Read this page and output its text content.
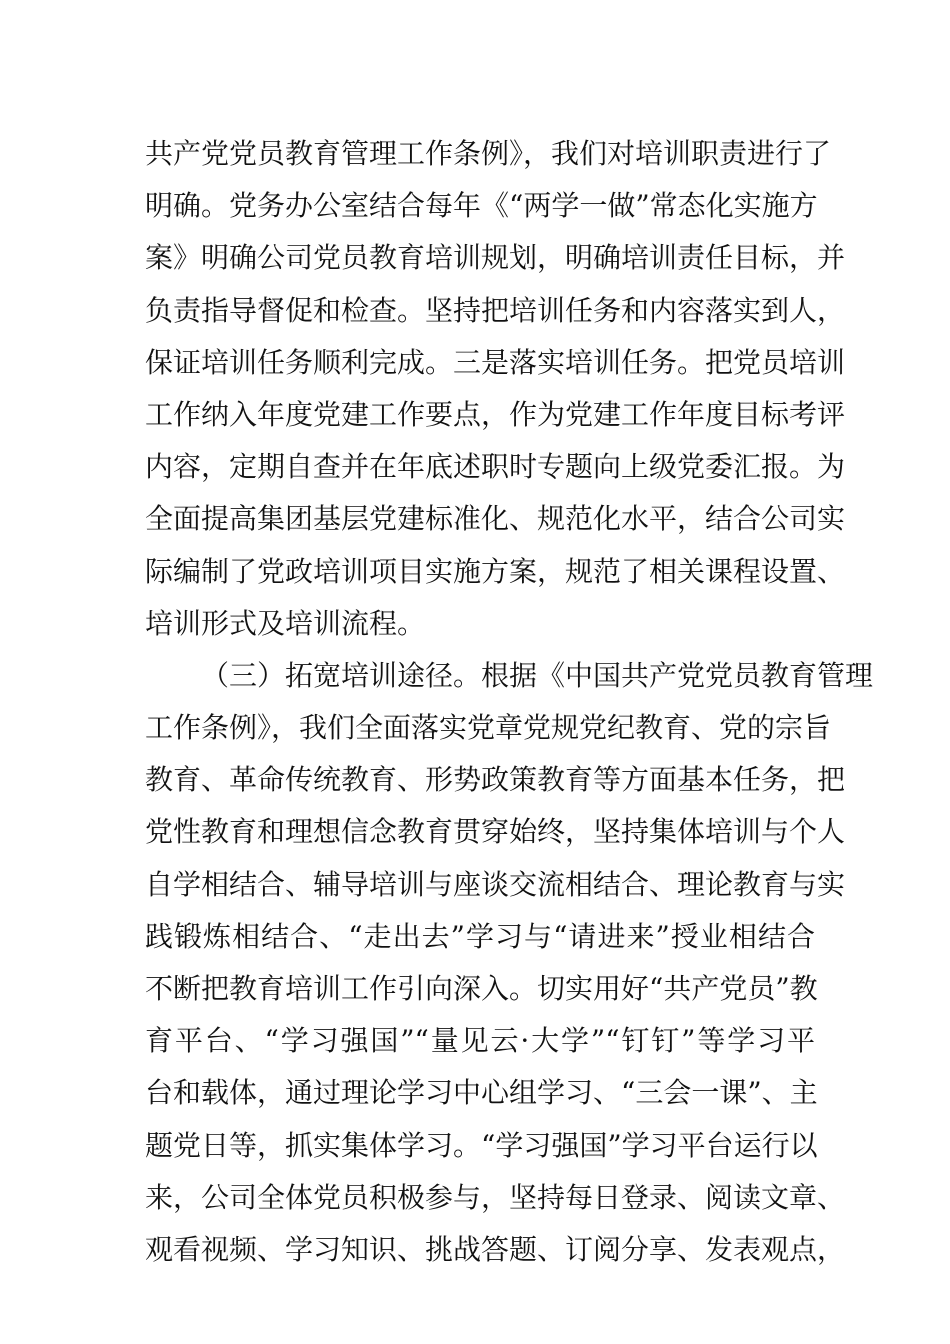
共产党党员教育管理工作条例》，我们对培训职责进行了
明确。党务办公室结合每年《“两学一做”常态化实施方
案》明确公司党员教育培训规划，明确培训责任目标，并
负责指导督促和检查。坚持把培训任务和内容落实到人，
保证培训任务顺利完成。三是落实培训任务。把党员培训
工作纳入年度党建工作要点，作为党建工作年度目标考评
内容，定期自查并在年底述职时专题向上级党委汇报。为
全面提高集团基层党建标准化、规范化水平，结合公司实
际编制了党政培训项目实施方案，规范了相关课程设置、
培训形式及培训流程。
（三）拓宽培训途径。根据《中国共产党党员教育管理
工作条例》，我们全面落实党章党规党纪教育、党的宗旨
教育、革命传统教育、形势政策教育等方面基本任务，把
党性教育和理想信念教育贯穿始终，坚持集体培训与个人
自学相结合、辅导培训与座谈交流相结合、理论教育与实
践锻炼相结合、“走出去”学习与“请进来”授业相结合
不断把教育培训工作引向深入。切实用好“共产党员”教
育平台、“学习强国”“量见云·大学”“钉钉”等学习平
台和载体，通过理论学习中心组学习、“三会一课”、主
题党日等，抓实集体学习。“学习强国”学习平台运行以
来，公司全体党员积极参与，坚持每日登录、阅读文章、
观看视频、学习知识、挑战答题、订阅分享、发表观点，
